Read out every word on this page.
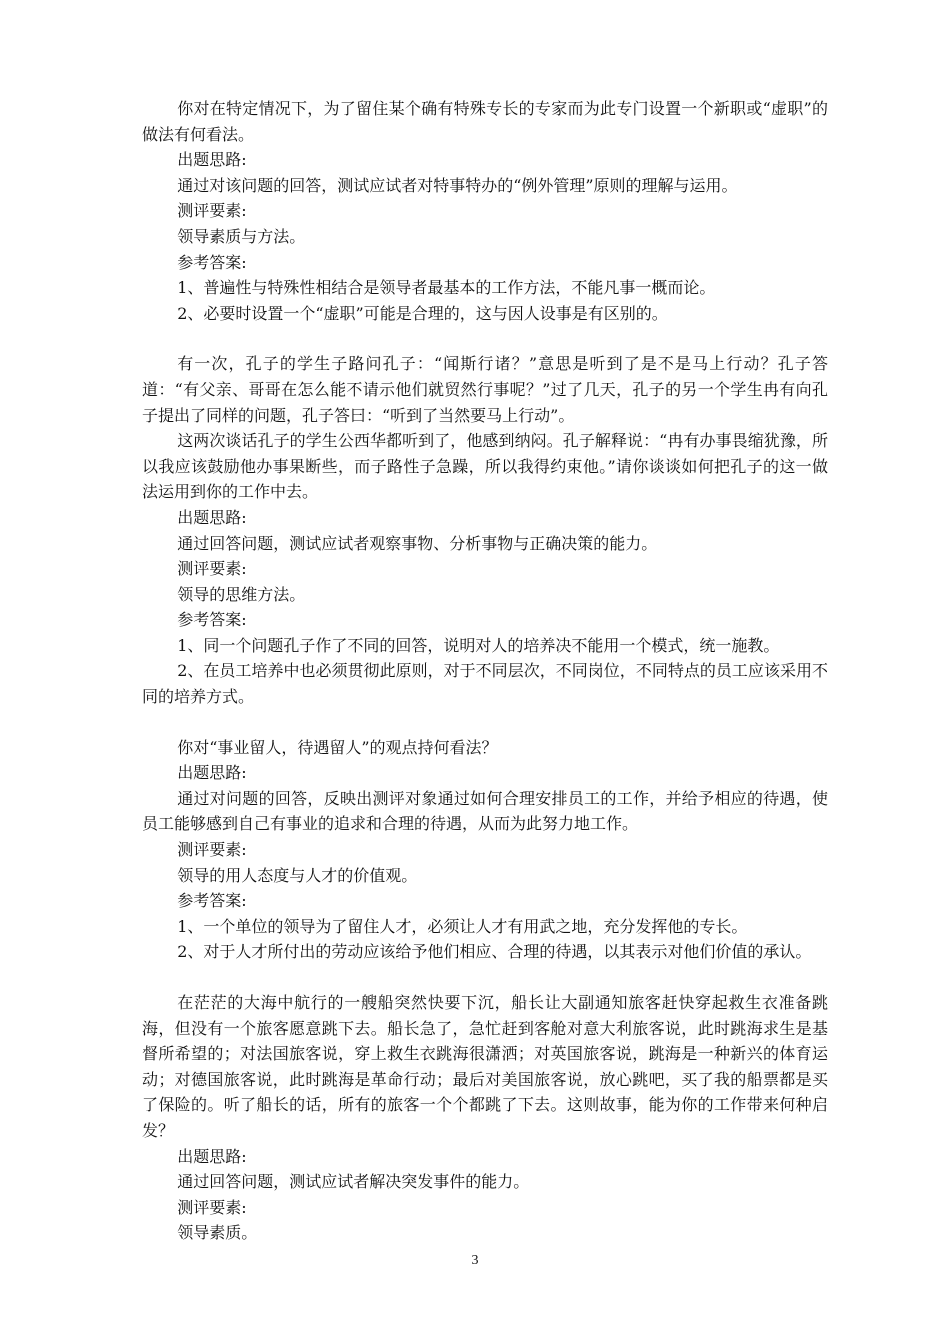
你对在特定情况下，为了留住某个确有特殊专长的专家而为此专门设置一个新职或“虚职”的做法有何看法。

出题思路:

通过对该问题的回答，测试应试者对特事特办的“例外管理”原则的理解与运用。

测评要素:

领导素质与方法。

参考答案:

1、普遍性与特殊性相结合是领导者最基本的工作方法，不能凡事一概而论。

2、必要时设置一个“虚职”可能是合理的，这与因人设事是有区别的。

有一次，孔子的学生子路问孔子：“闻斯行诸？”意思是听到了是不是马上行动？孔子答道：“有父亲、哥哥在怎么能不请示他们就贸然行事呢？”过了几天，孔子的另一个学生冉有向孔子提出了同样的问题，孔子答曰：“听到了当然要马上行动”。

这两次谈话孔子的学生公西华都听到了，他感到纳闷。孔子解释说：“冉有办事畏缩犹豫，所以我应该鼓励他办事果断些，而子路性子急躁，所以我得约束他。”请你谈谈如何把孔子的这一做法运用到你的工作中去。

出题思路:

通过回答问题，测试应试者观察事物、分析事物与正确决策的能力。

测评要素:

领导的思维方法。

参考答案:

1、同一个问题孔子作了不同的回答，说明对人的培养决不能用一个模式，统一施教。

2、在员工培养中也必须贯彻此原则，对于不同层次，不同岗位，不同特点的员工应该采用不同的培养方式。

你对“事业留人，待遇留人”的观点持何看法？

出题思路:

通过对问题的回答，反映出测评对象通过如何合理安排员工的工作，并给予相应的待遇，使员工能够感到自己有事业的追求和合理的待遇，从而为此努力地工作。

测评要素:

领导的用人态度与人才的价值观。

参考答案:

1、一个单位的领导为了留住人才，必须让人才有用武之地，充分发挥他的专长。

2、对于人才所付出的劳动应该给予他们相应、合理的待遇，以其表示对他们价值的承认。

在茫茫的大海中航行的一艘船突然快要下沉，船长让大副通知旅客赶快穿起救生衣准备跳海，但没有一个旅客愿意跳下去。船长急了，急忙赶到客舱对意大利旅客说，此时跳海求生是基督所希望的；对法国旅客说，穿上救生衣跳海很潇洒；对英国旅客说，跳海是一种新兴的体育运动；对德国旅客说，此时跳海是革命行动；最后对美国旅客说，放心跳吧，买了我的船票都是买了保险的。听了船长的话，所有的旅客一个个都跳了下去。这则故事，能为你的工作带来何种启发？

出题思路:

通过回答问题，测试应试者解决突发事件的能力。

测评要素:

领导素质。

3
